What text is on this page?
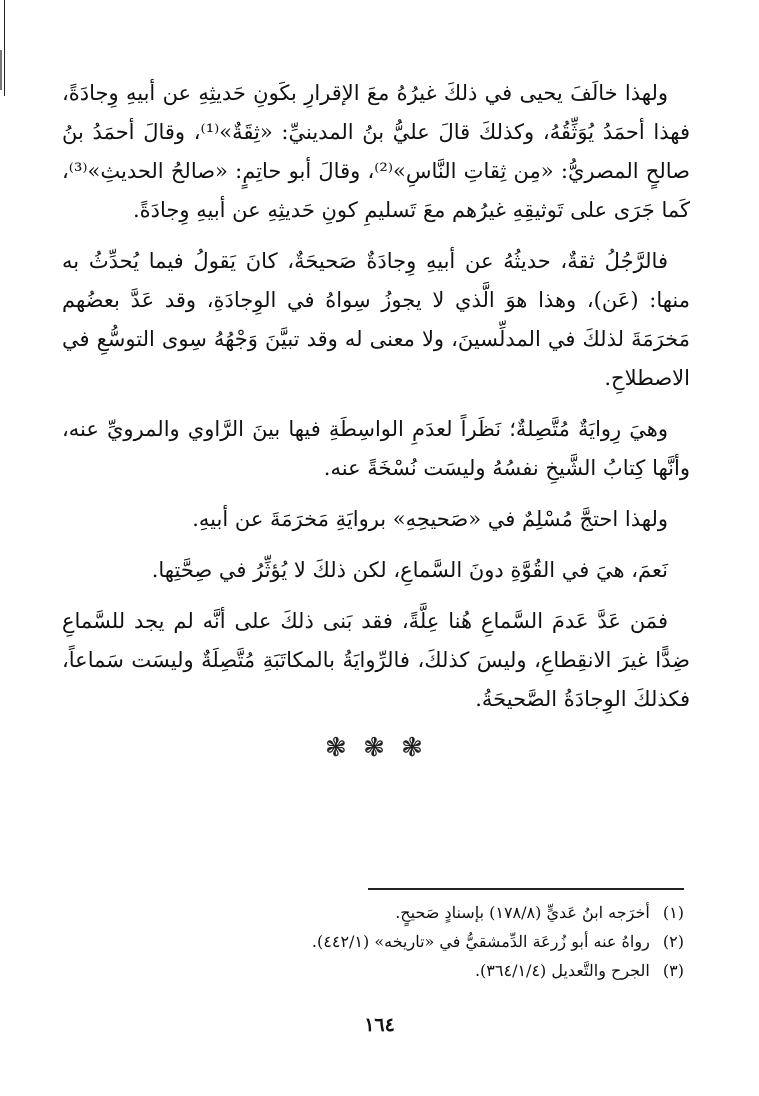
ولهذا خالَفَ يحيى في ذلكَ غيرُهُ معَ الإقرارِ بكَونِ حَديثِهِ عن أبيهِ وِجادَةً، فهذا أحمَدُ يُوَثِّقُهُ، وكذلكَ قالَ عليُّ بنُ المدينيِّ: «ثِقَةٌ»⁽¹⁾، وقالَ أحمَدُ بنُ صالحٍ المصريُّ: «مِن ثِقاتِ النَّاسِ»⁽²⁾، وقالَ أبو حاتِمٍ: «صالحُ الحديثِ»⁽³⁾، كَما جَرَى على تَوثيقِهِ غيرُهم معَ تَسليمِ كونِ حَديثِهِ عن أبيهِ وِجادَةً.

فالرَّجُلُ ثقةٌ، حديثُهُ عن أبيهِ وِجادَةٌ صَحيحَةٌ، كانَ يَقولُ فيما يُحدِّثُ به منها: (عَن)، وهذا هوَ الَّذي لا يجوزُ سِواهُ في الوِجادَةِ، وقد عَدَّ بعضُهم مَخرَمَةَ لذلكَ في المدلِّسينَ، ولا معنى له وقد تبيَّنَ وَجْهُهُ سِوى التوسُّعِ في الاصطلاحِ.

وهيَ رِوايَةٌ مُتَّصِلةٌ؛ نَظَراً لعدَمِ الواسِطَةِ فيها بينَ الرَّاوي والمرويِّ عنه، وأنَّها كِتابُ الشَّيخِ نفسُهُ وليسَت نُسْخَةً عنه.

ولهذا احتجَّ مُسْلِمٌ في «صَحيحِهِ» بروايَةِ مَخرَمَةَ عن أبيهِ.

نَعمَ، هيَ في القُوَّةِ دونَ السَّماعِ، لكن ذلكَ لا يُؤثِّرُ في صِحَّتِها.

فمَن عَدَّ عَدمَ السَّماعِ هُنا عِلَّةً، فقد بَنى ذلكَ على أنَّه لم يجد للسَّماعِ ضِدًّا غيرَ الانقِطاعِ، وليسَ كذلكَ، فالرِّوايَةُ بالمكاتَبَةِ مُتَّصِلَةٌ وليسَت سَماعاً، فكذلكَ الوِجادَةُ الصَّحيحَةُ.

❃ ❃ ❃

(١) أخرَجه ابنُ عَديٍّ (١٧٨/٨) بإسنادٍ صَحيحٍ.

(٢) رواهُ عنه أبو زُرعَة الدِّمشقيُّ في «تاريخه» (٤٤٢/١).

(٣) الجرح والتَّعديل (٣٦٤/١/٤).

١٦٤
